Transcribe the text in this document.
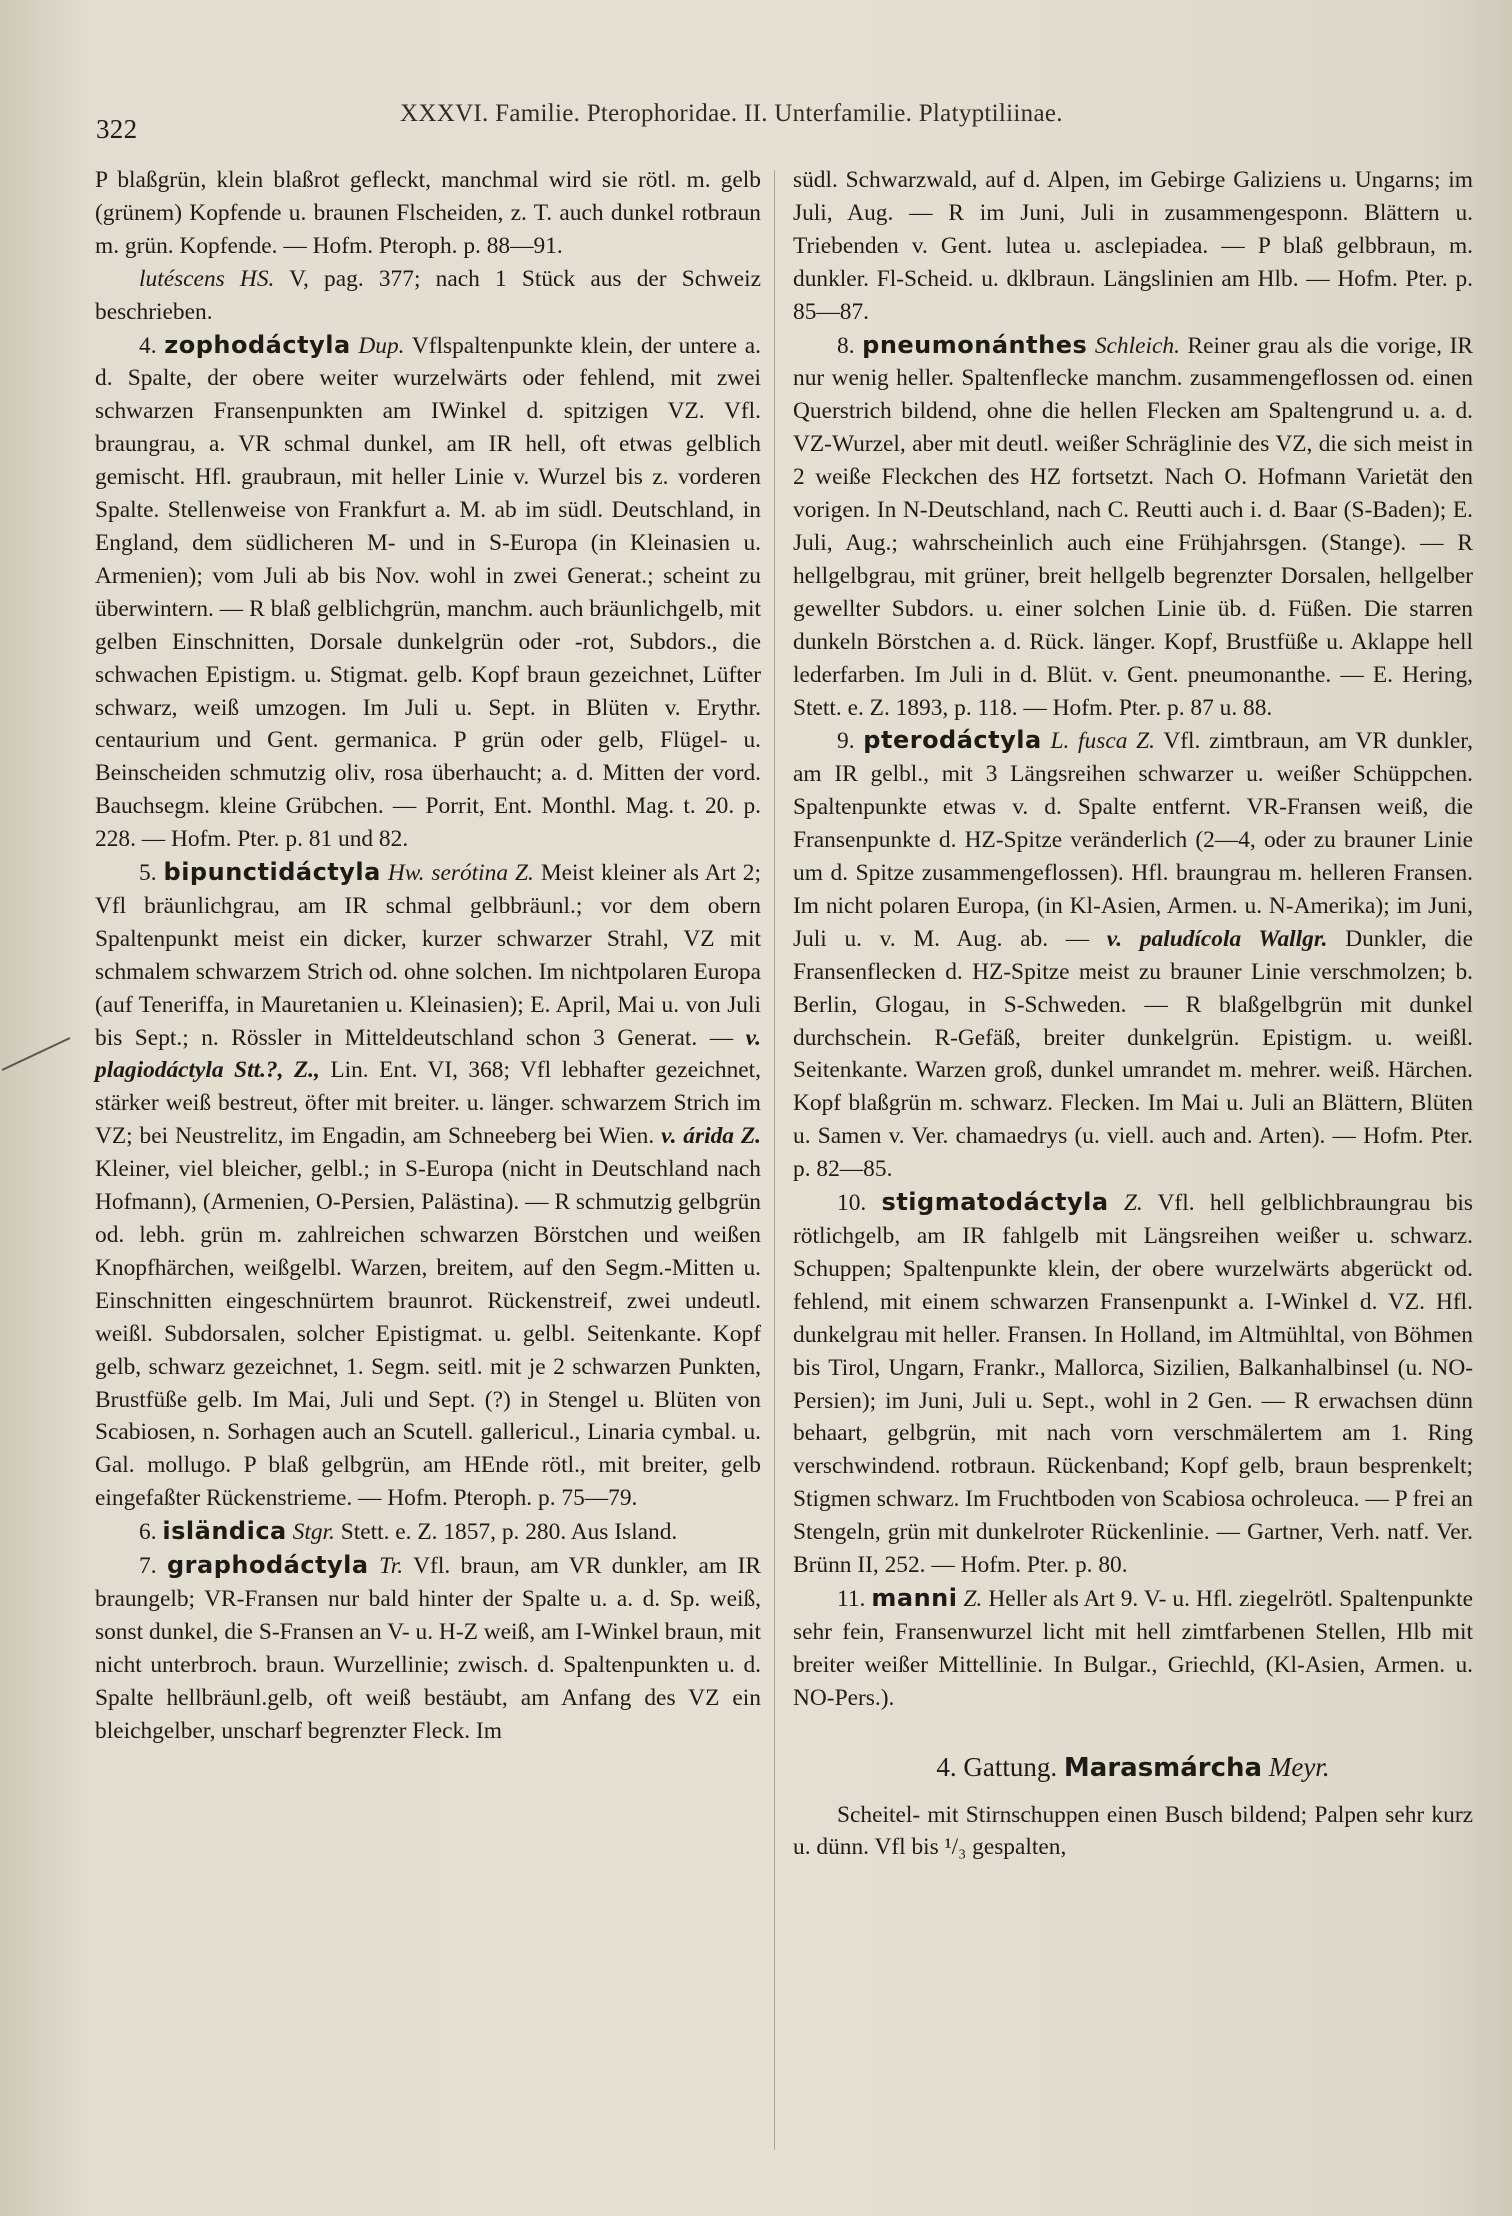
322
XXXVI. Familie. Pterophoridae. II. Unterfamilie. Platyptiliinae.

P blaßgrün, klein blaßrot gefleckt, manchmal wird sie rötl. m. gelb (grünem) Kopfende u. braunen Flscheiden, z. T. auch dunkel rotbraun m. grün. Kopfende. — Hofm. Pteroph. p. 88—91.

lutéscens HS. V, pag. 377; nach 1 Stück aus der Schweiz beschrieben.

4. zophodáctyla Dup. Vflspaltenpunkte klein, der untere a. d. Spalte, der obere weiter wurzelwärts oder fehlend, mit zwei schwarzen Fransenpunkten am IWinkel d. spitzigen VZ. Vfl. braungrau, a. VR schmal dunkel, am IR hell, oft etwas gelblich gemischt. Hfl. graubraun, mit heller Linie v. Wurzel bis z. vorderen Spalte. Stellenweise von Frankfurt a. M. ab im südl. Deutschland, in England, dem südlicheren M- und in S-Europa (in Kleinasien u. Armenien); vom Juli ab bis Nov. wohl in zwei Generat.; scheint zu überwintern. — R blaß gelblichgrün, manchm. auch bräunlichgelb, mit gelben Einschnitten, Dorsale dunkelgrün oder -rot, Subdors., die schwachen Epistigm. u. Stigmat. gelb. Kopf braun gezeichnet, Lüfter schwarz, weiß umzogen. Im Juli u. Sept. in Blüten v. Erythr. centaurium und Gent. germanica. P grün oder gelb, Flügel- u. Beinscheiden schmutzig oliv, rosa überhaucht; a. d. Mitten der vord. Bauchsegm. kleine Grübchen. — Porrit, Ent. Monthl. Mag. t. 20. p. 228. — Hofm. Pter. p. 81 und 82.

5. bipunctidáctyla Hw. serótina Z. Meist kleiner als Art 2; Vfl bräunlichgrau, am IR schmal gelbbräunl.; vor dem obern Spaltenpunkt meist ein dicker, kurzer schwarzer Strahl, VZ mit schmalem schwarzem Strich od. ohne solchen. Im nichtpolaren Europa (auf Teneriffa, in Mauretanien u. Kleinasien); E. April, Mai u. von Juli bis Sept.; n. Rössler in Mitteldeutschland schon 3 Generat. — v. plagiodáctyla Stt.?, Z., Lin. Ent. VI, 368; Vfl lebhafter gezeichnet, stärker weiß bestreut, öfter mit breiter. u. länger. schwarzem Strich im VZ; bei Neustrelitz, im Engadin, am Schneeberg bei Wien. v. árida Z. Kleiner, viel bleicher, gelbl.; in S-Europa (nicht in Deutschland nach Hofmann), (Armenien, O-Persien, Palästina). — R schmutzig gelbgrün od. lebh. grün m. zahlreichen schwarzen Börstchen und weißen Knopfhärchen, weißgelbl. Warzen, breitem, auf den Segm.-Mitten u. Einschnitten eingeschnürtem braunrot. Rückenstreif, zwei undeutl. weißl. Subdorsalen, solcher Epistigmat. u. gelbl. Seitenkante. Kopf gelb, schwarz gezeichnet, 1. Segm. seitl. mit je 2 schwarzen Punkten, Brustfüße gelb. Im Mai, Juli und Sept. (?) in Stengel u. Blüten von Scabiosen, n. Sorhagen auch an Scutell. gallericul., Linaria cymbal. u. Gal. mollugo. P blaß gelbgrün, am HEnde rötl., mit breiter, gelb eingefaßter Rückenstrieme. — Hofm. Pteroph. p. 75—79.

6. isländica Stgr. Stett. e. Z. 1857, p. 280. Aus Island.

7. graphodáctyla Tr. Vfl. braun, am VR dunkler, am IR braungelb; VR-Fransen nur bald hinter der Spalte u. a. d. Sp. weiß, sonst dunkel, die S-Fransen an V- u. H-Z weiß, am I-Winkel braun, mit nicht unterbroch. braun. Wurzellinie; zwisch. d. Spaltenpunkten u. d. Spalte hellbräunl.gelb, oft weiß bestäubt, am Anfang des VZ ein bleichgelber, unscharf begrenzter Fleck. Im

südl. Schwarzwald, auf d. Alpen, im Gebirge Galiziens u. Ungarns; im Juli, Aug. — R im Juni, Juli in zusammengesponn. Blättern u. Triebenden v. Gent. lutea u. asclepiadea. — P blaß gelbbraun, m. dunkler. Fl-Scheid. u. dklbraun. Längslinien am Hlb. — Hofm. Pter. p. 85—87.

8. pneumonánthes Schleich. Reiner grau als die vorige, IR nur wenig heller. Spaltenflecke manchm. zusammengeflossen od. einen Querstrich bildend, ohne die hellen Flecken am Spaltengrund u. a. d. VZ-Wurzel, aber mit deutl. weißer Schräglinie des VZ, die sich meist in 2 weiße Fleckchen des HZ fortsetzt. Nach O. Hofmann Varietät den vorigen. In N-Deutschland, nach C. Reutti auch i. d. Baar (S-Baden); E. Juli, Aug.; wahrscheinlich auch eine Frühjahrsgen. (Stange). — R hellgelbgrau, mit grüner, breit hellgelb begrenzter Dorsalen, hellgelber gewellter Subdors. u. einer solchen Linie üb. d. Füßen. Die starren dunkeln Börstchen a. d. Rück. länger. Kopf, Brustfüße u. Aklappe hell lederfarben. Im Juli in d. Blüt. v. Gent. pneumonanthe. — E. Hering, Stett. e. Z. 1893, p. 118. — Hofm. Pter. p. 87 u. 88.

9. pterodáctyla L. fusca Z. Vfl. zimtbraun, am VR dunkler, am IR gelbl., mit 3 Längsreihen schwarzer u. weißer Schüppchen. Spaltenpunkte etwas v. d. Spalte entfernt. VR-Fransen weiß, die Fransenpunkte d. HZ-Spitze veränderlich (2—4, oder zu brauner Linie um d. Spitze zusammengeflossen). Hfl. braungrau m. helleren Fransen. Im nicht polaren Europa, (in Kl-Asien, Armen. u. N-Amerika); im Juni, Juli u. v. M. Aug. ab. — v. paludícola Wallgr. Dunkler, die Fransenflecken d. HZ-Spitze meist zu brauner Linie verschmolzen; b. Berlin, Glogau, in S-Schweden. — R blaßgelbgrün mit dunkel durchschein. R-Gefäß, breiter dunkelgrün. Epistigm. u. weißl. Seitenkante. Warzen groß, dunkel umrandet m. mehrer. weiß. Härchen. Kopf blaßgrün m. schwarz. Flecken. Im Mai u. Juli an Blättern, Blüten u. Samen v. Ver. chamaedrys (u. viell. auch and. Arten). — Hofm. Pter. p. 82—85.

10. stigmatodáctyla Z. Vfl. hell gelblichbraungrau bis rötlichgelb, am IR fahlgelb mit Längsreihen weißer u. schwarz. Schuppen; Spaltenpunkte klein, der obere wurzelwärts abgerückt od. fehlend, mit einem schwarzen Fransenpunkt a. I-Winkel d. VZ. Hfl. dunkelgrau mit heller. Fransen. In Holland, im Altmühltal, von Böhmen bis Tirol, Ungarn, Frankr., Mallorca, Sizilien, Balkanhalbinsel (u. NO-Persien); im Juni, Juli u. Sept., wohl in 2 Gen. — R erwachsen dünn behaart, gelbgrün, mit nach vorn verschmälertem am 1. Ring verschwindend. rotbraun. Rückenband; Kopf gelb, braun besprenkelt; Stigmen schwarz. Im Fruchtboden von Scabiosa ochroleuca. — P frei an Stengeln, grün mit dunkelroter Rückenlinie. — Gartner, Verh. natf. Ver. Brünn II, 252. — Hofm. Pter. p. 80.

11. manni Z. Heller als Art 9. V- u. Hfl. ziegelrötl. Spaltenpunkte sehr fein, Fransenwurzel licht mit hell zimtfarbenen Stellen, Hlb mit breiter weißer Mittellinie. In Bulgar., Griechld, (Kl-Asien, Armen. u. NO-Pers.).

4. Gattung. Marasmárcha Meyr.

Scheitel- mit Stirnschuppen einen Busch bildend; Palpen sehr kurz u. dünn. Vfl bis ¹/₃ gespalten,
